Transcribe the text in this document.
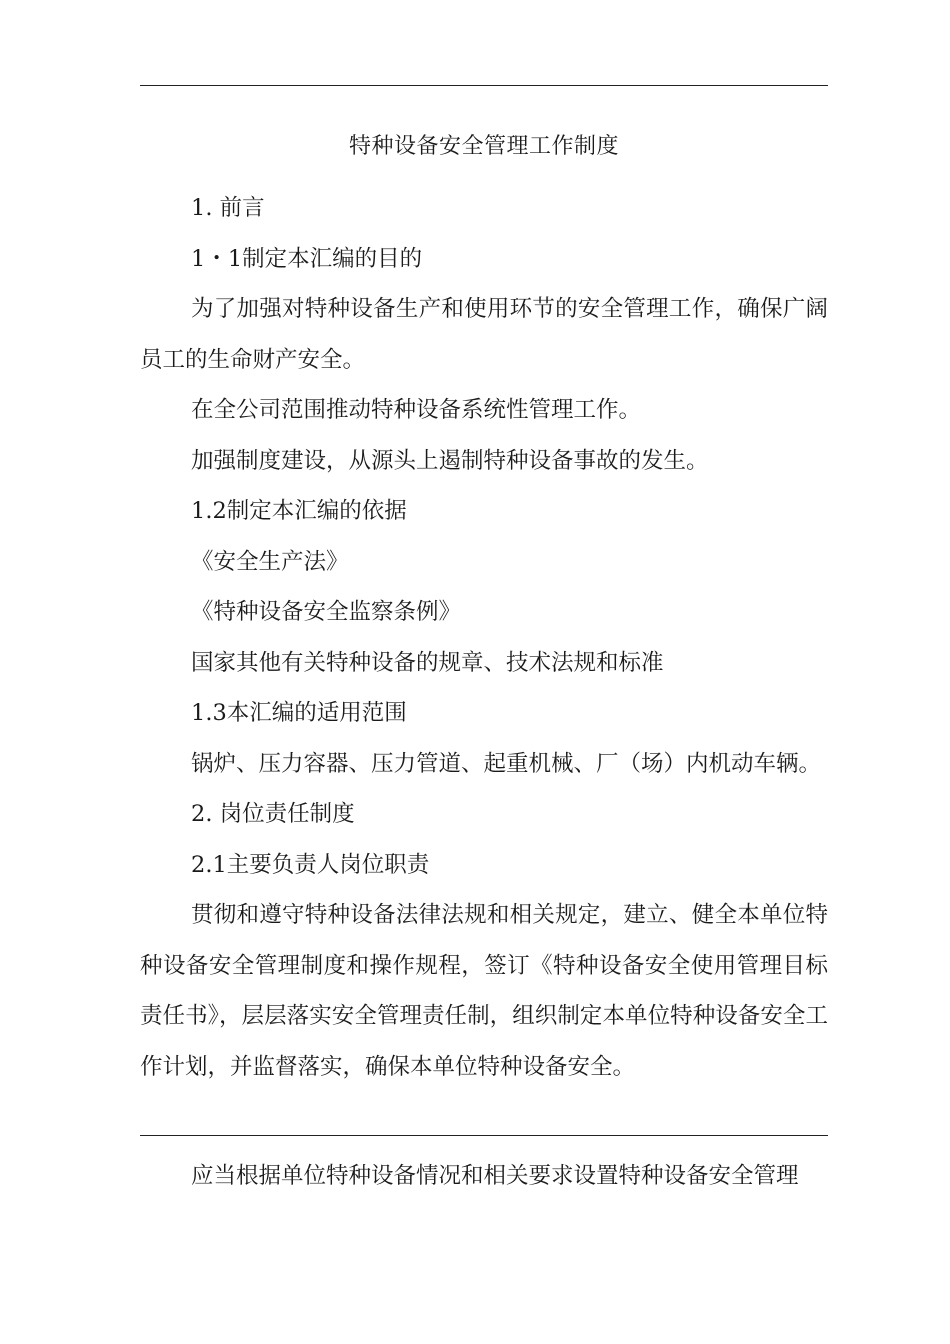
特种设备安全管理工作制度

1. 前言

1・1制定本汇编的目的

为了加强对特种设备生产和使用环节的安全管理工作，确保广阔员工的生命财产安全。

在全公司范围推动特种设备系统性管理工作。

加强制度建设，从源头上遏制特种设备事故的发生。

1.2制定本汇编的依据

《安全生产法》

《特种设备安全监察条例》

国家其他有关特种设备的规章、技术法规和标准

1.3本汇编的适用范围

锅炉、压力容器、压力管道、起重机械、厂（场）内机动车辆。

2. 岗位责任制度

2.1主要负责人岗位职责

贯彻和遵守特种设备法律法规和相关规定，建立、健全本单位特种设备安全管理制度和操作规程，签订《特种设备安全使用管理目标责任书》，层层落实安全管理责任制，组织制定本单位特种设备安全工作计划，并监督落实，确保本单位特种设备安全。

应当根据单位特种设备情况和相关要求设置特种设备安全管理
